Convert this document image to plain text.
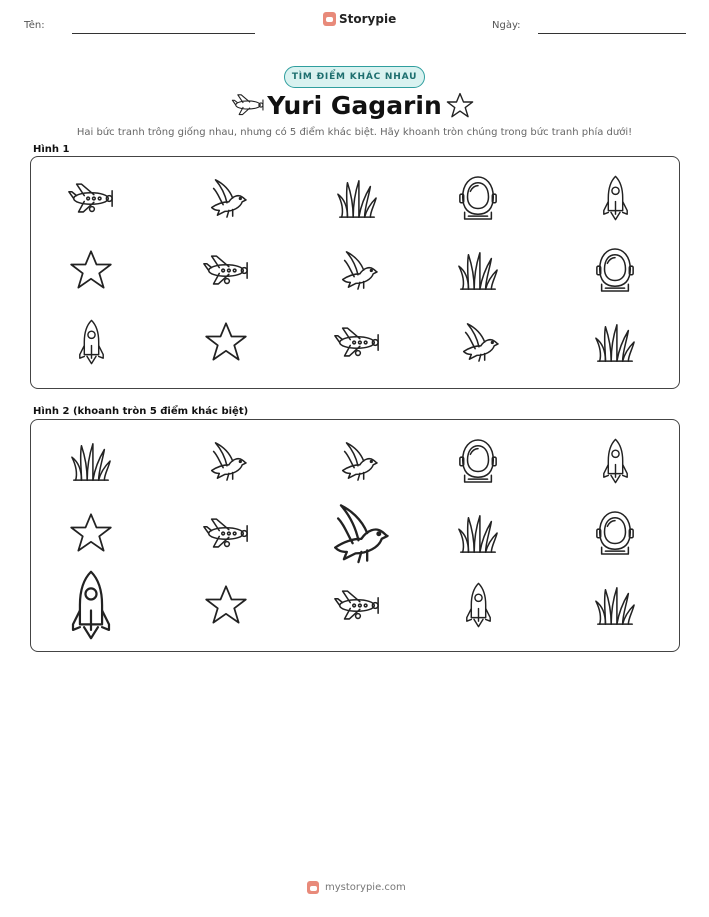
Tên:	Storypie	Ngày:
TÌM ĐIỂM KHÁC NHAU
Yuri Gagarin
Hai bức tranh trông giống nhau, nhưng có 5 điểm khác biệt. Hãy khoanh tròn chúng trong bức tranh phía dưới!
Hình 1
Hình 2 (khoanh tròn 5 điểm khác biệt)
mystorypie.com
